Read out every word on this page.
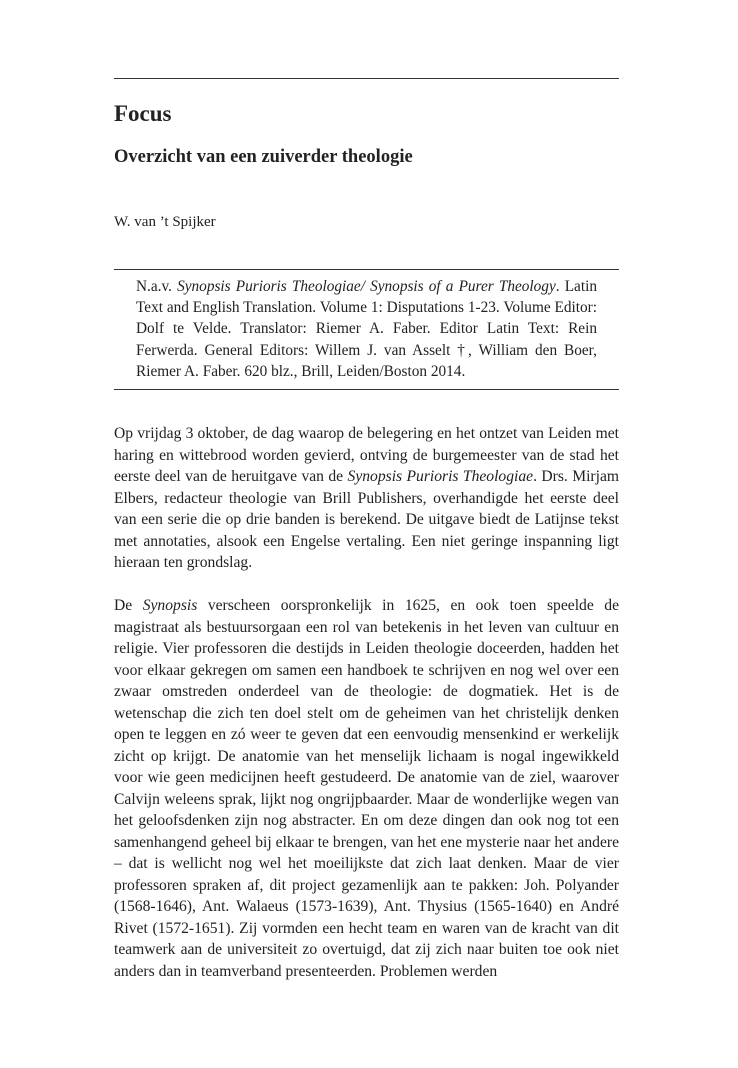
Focus
Overzicht van een zuiverder theologie
W. van ’t Spijker

N.a.v. Synopsis Purioris Theologiae/ Synopsis of a Purer Theology. Latin Text and English Translation. Volume 1: Disputations 1-23. Volume Editor: Dolf te Velde. Translator: Riemer A. Faber. Editor Latin Text: Rein Ferwerda. General Editors: Willem J. van Asselt †, William den Boer, Riemer A. Faber. 620 blz., Brill, Leiden/Boston 2014.

Op vrijdag 3 oktober, de dag waarop de belegering en het ontzet van Leiden met haring en wittebrood worden gevierd, ontving de burgemeester van de stad het eerste deel van de heruitgave van de Synopsis Purioris Theologiae. Drs. Mirjam Elbers, redacteur theologie van Brill Publishers, overhandigde het eerste deel van een serie die op drie banden is berekend. De uitgave biedt de Latijnse tekst met annotaties, alsook een Engelse vertaling. Een niet geringe inspanning ligt hieraan ten grondslag.

De Synopsis verscheen oorspronkelijk in 1625, en ook toen speelde de magistraat als bestuursorgaan een rol van betekenis in het leven van cultuur en religie. Vier professoren die destijds in Leiden theologie doceerden, hadden het voor elkaar gekregen om samen een handboek te schrijven en nog wel over een zwaar omstreden onderdeel van de theologie: de dogmatiek. Het is de wetenschap die zich ten doel stelt om de geheimen van het christelijk denken open te leggen en zó weer te geven dat een eenvoudig mensenkind er werkelijk zicht op krijgt. De anatomie van het menselijk lichaam is nogal ingewikkeld voor wie geen medicijnen heeft gestudeerd. De anatomie van de ziel, waarover Calvijn weleens sprak, lijkt nog ongrijpbaarder. Maar de wonderlijke wegen van het geloofsdenken zijn nog abstracter. En om deze dingen dan ook nog tot een samenhangend geheel bij elkaar te brengen, van het ene mysterie naar het andere – dat is wellicht nog wel het moeilijkste dat zich laat denken. Maar de vier professoren spraken af, dit project gezamenlijk aan te pakken: Joh. Polyander (1568-1646), Ant. Walaeus (1573-1639), Ant. Thysius (1565-1640) en André Rivet (1572-1651). Zij vormden een hecht team en waren van de kracht van dit teamwerk aan de universiteit zo overtuigd, dat zij zich naar buiten toe ook niet anders dan in teamverband presenteerden. Problemen werden
